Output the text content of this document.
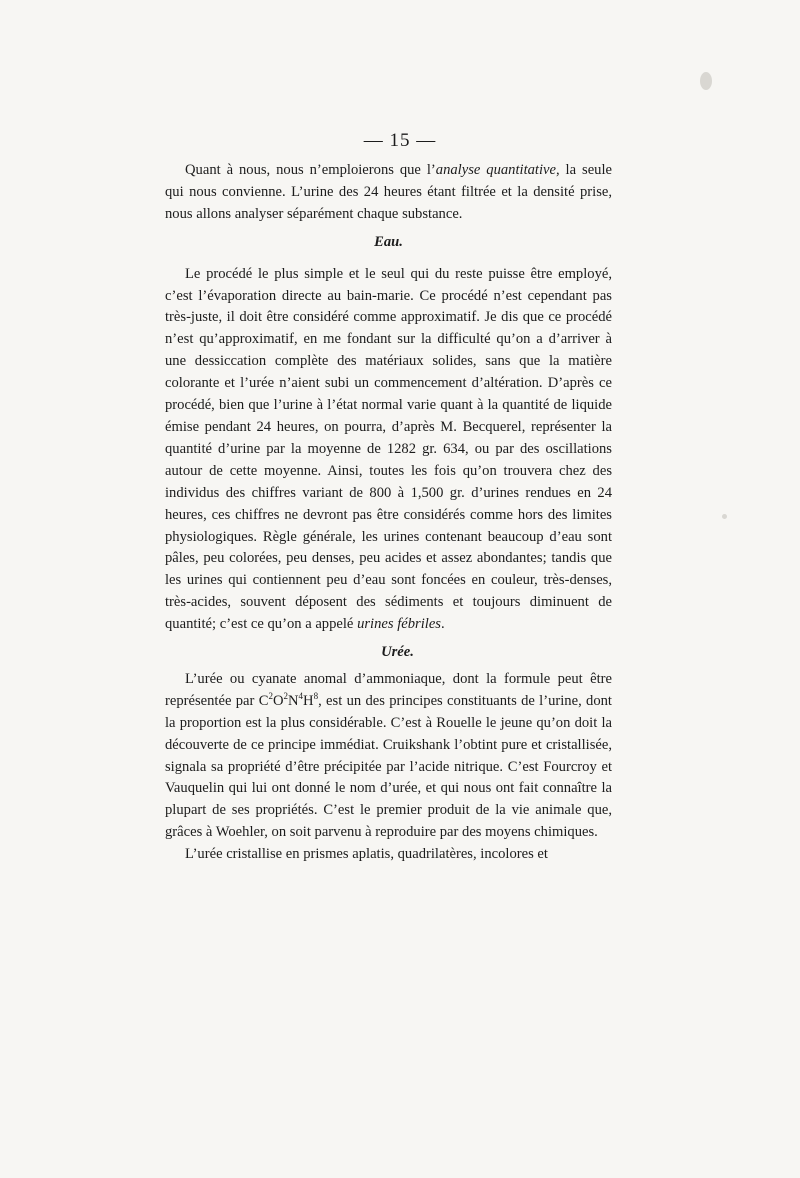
— 15 —

Quant à nous, nous n’emploierons que l’analyse quantitative, la seule qui nous convienne. L’urine des 24 heures étant filtrée et la densité prise, nous allons analyser séparément chaque substance.

Eau.

Le procédé le plus simple et le seul qui du reste puisse être employé, c’est l’évaporation directe au bain-marie. Ce procédé n’est cependant pas très-juste, il doit être considéré comme approximatif. Je dis que ce procédé n’est qu’approximatif, en me fondant sur la difficulté qu’on a d’arriver à une dessiccation complète des matériaux solides, sans que la matière colorante et l’urée n’aient subi un commencement d’altération. D’après ce procédé, bien que l’urine à l’état normal varie quant à la quantité de liquide émise pendant 24 heures, on pourra, d’après M. Becquerel, représenter la quantité d’urine par la moyenne de 1282 gr. 634, ou par des oscillations autour de cette moyenne. Ainsi, toutes les fois qu’on trouvera chez des individus des chiffres variant de 800 à 1,500 gr. d’urines rendues en 24 heures, ces chiffres ne devront pas être considérés comme hors des limites physiologiques. Règle générale, les urines contenant beaucoup d’eau sont pâles, peu colorées, peu denses, peu acides et assez abondantes; tandis que les urines qui contiennent peu d’eau sont foncées en couleur, très-denses, très-acides, souvent déposent des sédiments et toujours diminuent de quantité; c’est ce qu’on a appelé urines fébriles.

Urée.

L’urée ou cyanate anomal d’ammoniaque, dont la formule peut être représentée par $C^2O^2N^4H^8$, est un des principes constituants de l’urine, dont la proportion est la plus considérable. C’est à Rouelle le jeune qu’on doit la découverte de ce principe immédiat. Cruikshank l’obtint pure et cristallisée, signala sa propriété d’être précipitée par l’acide nitrique. C’est Fourcroy et Vauquelin qui lui ont donné le nom d’urée, et qui nous ont fait connaître la plupart de ses propriétés. C’est le premier produit de la vie animale que, grâces à Woehler, on soit parvenu à reproduire par des moyens chimiques.

L’urée cristallise en prismes aplatis, quadrilatères, incolores et
